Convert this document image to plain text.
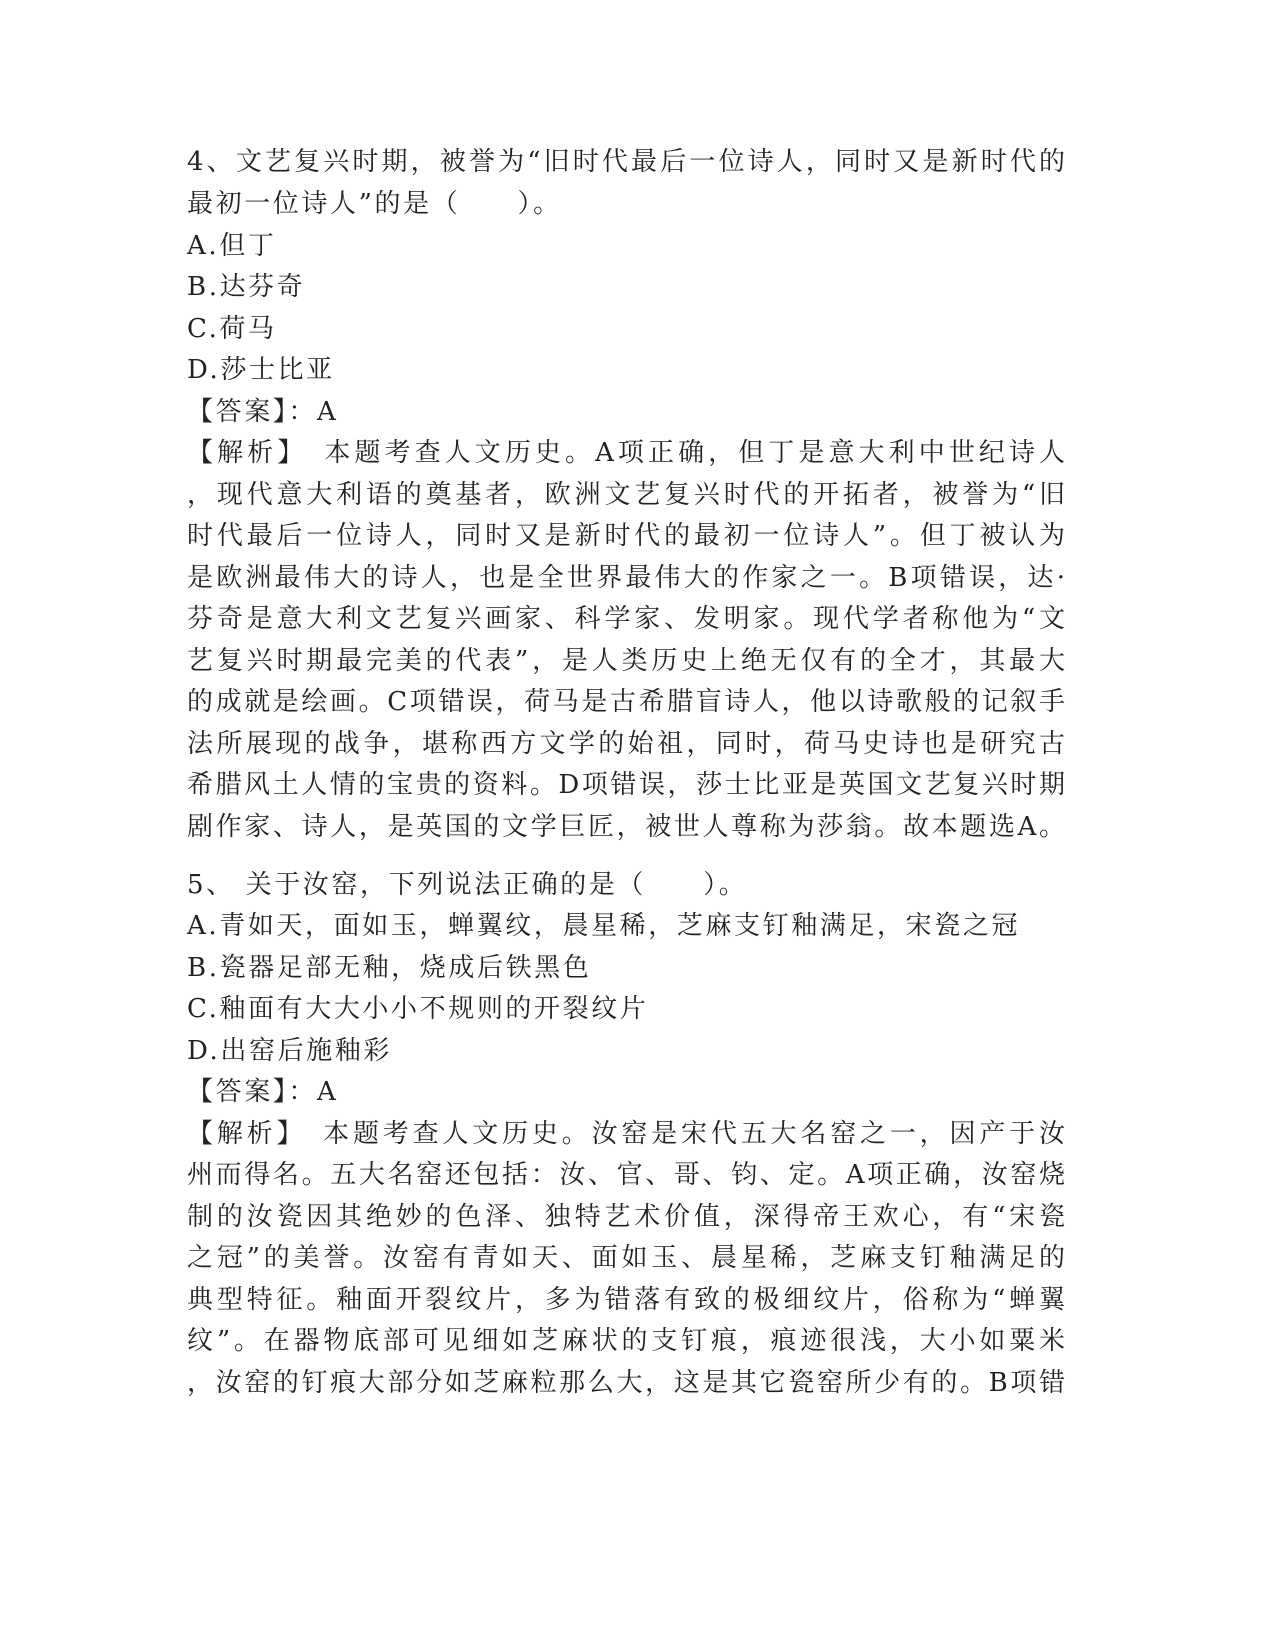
4、文艺复兴时期，被誉为“旧时代最后一位诗人，同时又是新时代的
最初一位诗人”的是（　　）。
A.但丁
B.达芬奇
C.荷马
D.莎士比亚
【答案】：A
【解析】　本题考查人文历史。A项正确，但丁是意大利中世纪诗人
，现代意大利语的奠基者，欧洲文艺复兴时代的开拓者，被誉为“旧
时代最后一位诗人，同时又是新时代的最初一位诗人”。但丁被认为
是欧洲最伟大的诗人，也是全世界最伟大的作家之一。B项错误，达·
芬奇是意大利文艺复兴画家、科学家、发明家。现代学者称他为“文
艺复兴时期最完美的代表”，是人类历史上绝无仅有的全才，其最大
的成就是绘画。C项错误，荷马是古希腊盲诗人，他以诗歌般的记叙手
法所展现的战争，堪称西方文学的始祖，同时，荷马史诗也是研究古
希腊风土人情的宝贵的资料。D项错误，莎士比亚是英国文艺复兴时期
剧作家、诗人，是英国的文学巨匠，被世人尊称为莎翁。故本题选A。
5、 关于汝窑，下列说法正确的是（　　）。
A.青如天，面如玉，蝉翼纹，晨星稀，芝麻支钉釉满足，宋瓷之冠
B.瓷器足部无釉，烧成后铁黑色
C.釉面有大大小小不规则的开裂纹片
D.出窑后施釉彩
【答案】：A
【解析】　本题考查人文历史。汝窑是宋代五大名窑之一，因产于汝
州而得名。五大名窑还包括：汝、官、哥、钧、定。A项正确，汝窑烧
制的汝瓷因其绝妙的色泽、独特艺术价值，深得帝王欢心，有“宋瓷
之冠”的美誉。汝窑有青如天、面如玉、晨星稀，芝麻支钉釉满足的
典型特征。釉面开裂纹片，多为错落有致的极细纹片，俗称为“蝉翼
纹”。在器物底部可见细如芝麻状的支钉痕，痕迹很浅，大小如粟米
，汝窑的钉痕大部分如芝麻粒那么大，这是其它瓷窑所少有的。B项错
